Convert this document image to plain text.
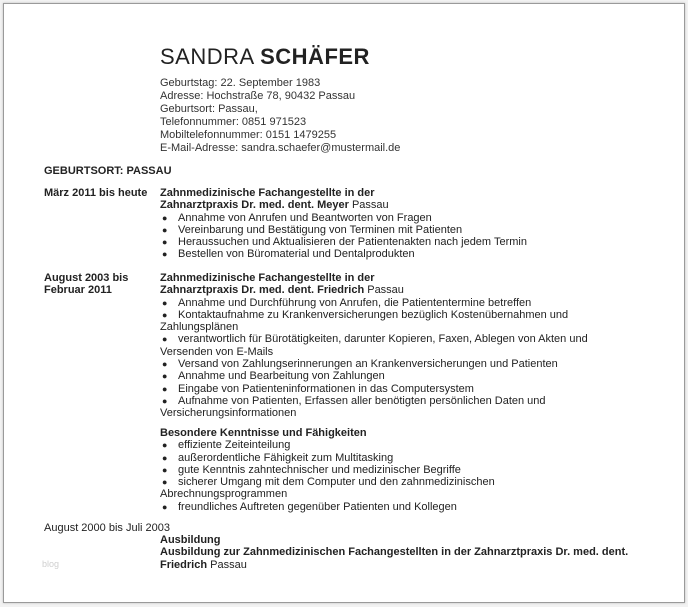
SANDRA SCHÄFER
Geburtstag: 22. September 1983
Adresse: Hochstraße 78, 90432 Passau
Geburtsort: Passau,
Telefonnummer: 0851 971523
Mobiltelefonnummer: 0151 1479255
E-Mail-Adresse: sandra.schaefer@mustermail.de
GEBURTSORT: PASSAU
März 2011 bis heute Zahnmedizinische Fachangestellte in der
Zahnarztpraxis Dr. med. dent. Meyer Passau
● Annahme von Anrufen und Beantworten von Fragen
● Vereinbarung und Bestätigung von Terminen mit Patienten
● Heraussuchen und Aktualisieren der Patientenakten nach jedem Termin
● Bestellen von Büromaterial und Dentalprodukten
August 2003 bis
Februar 2011
Zahnmedizinische Fachangestellte in der
Zahnarztpraxis Dr. med. dent. Friedrich Passau
● Annahme und Durchführung von Anrufen, die Patiententermine betreffen
● Kontaktaufnahme zu Krankenversicherungen bezüglich Kostenübernahmen und
Zahlungsplänen
● verantwortlich für Bürotätigkeiten, darunter Kopieren, Faxen, Ablegen von Akten und
Versenden von E-Mails
● Versand von Zahlungserinnerungen an Krankenversicherungen und Patienten
● Annahme und Bearbeitung von Zahlungen
● Eingabe von Patienteninformationen in das Computersystem
● Aufnahme von Patienten, Erfassen aller benötigten persönlichen Daten und
Versicherungsinformationen
Besondere Kenntnisse und Fähigkeiten
● effiziente Zeiteinteilung
● außerordentliche Fähigkeit zum Multitasking
● gute Kenntnis zahntechnischer und medizinischer Begriffe
● sicherer Umgang mit dem Computer und den zahnmedizinischen
Abrechnungsprogrammen
● freundliches Auftreten gegenüber Patienten und Kollegen
August 2000 bis Juli 2003
Ausbildung
Ausbildung zur Zahnmedizinischen Fachangestellten in der Zahnarztpraxis Dr. med. dent.
Friedrich Passau
blog
